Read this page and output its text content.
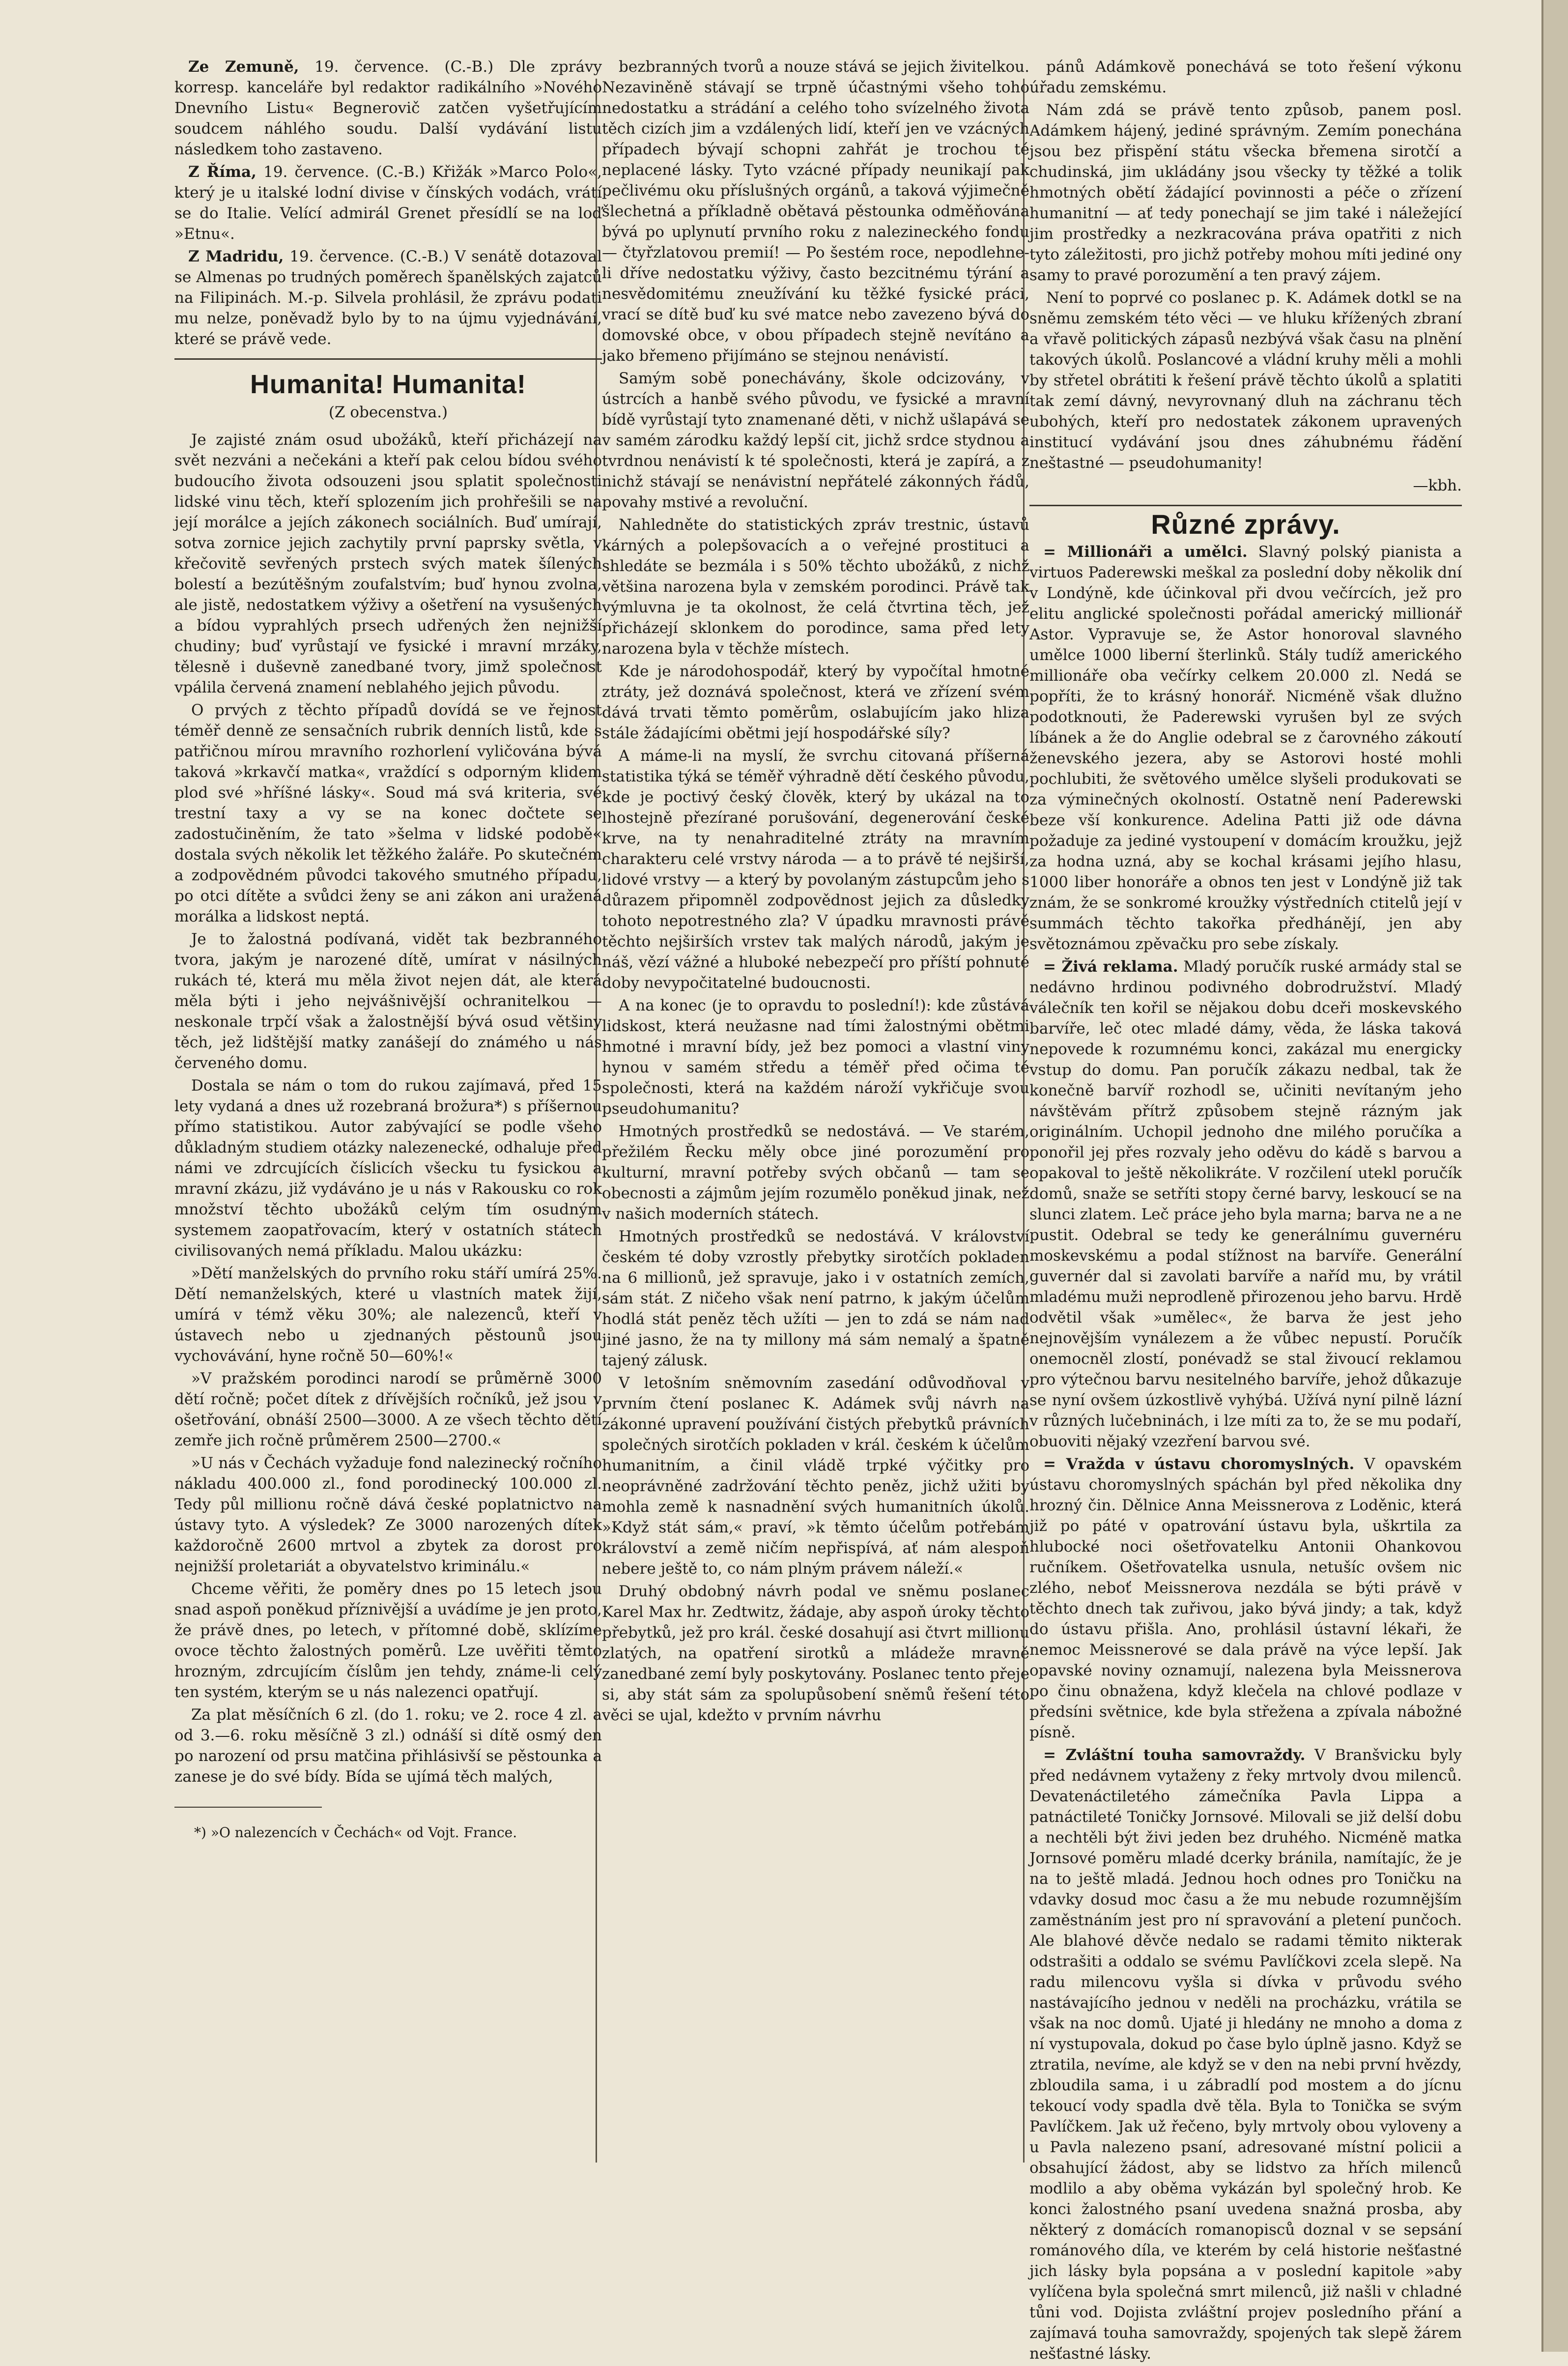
Ze Zemuně, 19. července. (C.-B.) Dle zprávy korresp. kanceláře byl redaktor radikálního »Nového Dnevního Listu« Begnerovič zatčen vyšetřujícím soudcem náhlého soudu. Další vydávání listu následkem toho zastaveno.

Z Říma, 19. července. (C.-B.) Křižák »Marco Polo«, který je u italské lodní divise v čínských vodách, vrátí se do Italie. Velící admirál Grenet přesídlí se na loď »Etnu«.

Z Madridu, 19. července. (C.-B.) V senátě dotazoval se Almenas po trudných poměrech španělských zajatců na Filipinách. M.-p. Silvela prohlásil, že zprávu podati mu nelze, poněvadž bylo by to na újmu vyjednávání, které se právě vede.

Humanita! Humanita!
(Z obecenstva.)

Je zajisté znám osud ubožáků, kteří přicházejí na svět nezváni a nečekáni a kteří pak celou bídou svého budoucího života odsouzeni jsou splatit společnosti lidské vinu těch, kteří splozením jich prohřešili se na její morálce a jejích zákonech sociálních. Buď umírají, sotva zornice jejich zachytily první paprsky světla, v křečovitě sevřených prstech svých matek šílených bolestí a bezútěšným zoufalstvím; buď hynou zvolna, ale jistě, nedostatkem výživy a ošetření na vysušených a bídou vyprahlých prsech udřených žen nejnižší chudiny; buď vyrůstají ve fysické i mravní mrzáky, tělesně i duševně zanedbané tvory, jimž společnost vpálila červená znamení neblahého jejich původu.

O prvých z těchto případů dovídá se ve řejnost téměř denně ze sensačních rubrik denních listů, kde s patřičnou mírou mravního rozhorlení vyličována bývá taková »krkavčí matka«, vraždící s odporným klidem plod své »hříšné lásky«. Soud má svá kriteria, své trestní taxy a vy se na konec dočtete se zadostučiněním, že tato »šelma v lidské podobě« dostala svých několik let těžkého žaláře. Po skutečném a zodpovědném původci takového smutného případu, po otci dítěte a svůdci ženy se ani zákon ani uražená morálka a lidskost neptá.

Je to žalostná podívaná, vidět tak bezbranného tvora, jakým je narozené dítě, umírat v násilných rukách té, která mu měla život nejen dát, ale která měla býti i jeho nejvášnivější ochranitelkou — neskonale trpčí však a žalostnější bývá osud většiny těch, jež lidštější matky zanášejí do známého u nás červeného domu.

Dostala se nám o tom do rukou zajímavá, před 15 lety vydaná a dnes už rozebraná brožura*) s příšernou přímo statistikou. Autor zabývající se podle všeho důkladným studiem otázky nalezenecké, odhaluje před námi ve zdrcujících číslicích všecku tu fysickou a mravní zkázu, již vydáváno je u nás v Rakousku co rok množství těchto ubožáků celým tím osudným systemem zaopatřovacím, který v ostatních státech civilisovaných nemá příkladu. Malou ukázku:

»Dětí manželských do prvního roku stáří umírá 25%. Dětí nemanželských, které u vlastních matek žijí, umírá v témž věku 30%; ale nalezenců, kteří v ústavech nebo u zjednaných pěstounů jsou vychovávání, hyne ročně 50—60%!«

»V pražském porodinci narodí se průměrně 3000 dětí ročně; počet dítek z dřívějších ročníků, jež jsou v ošetřování, obnáší 2500—3000. A ze všech těchto dětí zemře jich ročně průměrem 2500—2700.«

»U nás v Čechách vyžaduje fond nalezinecký ročního nákladu 400.000 zl., fond porodinecký 100.000 zl. Tedy půl millionu ročně dává české poplatnictvo na ústavy tyto. A výsledek? Ze 3000 narozených dítek každoročně 2600 mrtvol a zbytek za dorost pro nejnižší proletariát a obyvatelstvo kriminálu.«

Chceme věřiti, že poměry dnes po 15 letech jsou snad aspoň poněkud příznivější a uvádíme je jen proto, že právě dnes, po letech, v přítomné době, sklízíme ovoce těchto žalostných poměrů. Lze uvěřiti těmto hrozným, zdrcujícím číslům jen tehdy, známe-li celý ten systém, kterým se u nás nalezenci opatřují.

Za plat měsíčních 6 zl. (do 1. roku; ve 2. roce 4 zl. a od 3.—6. roku měsíčně 3 zl.) odnáší si dítě osmý den po narození od prsu matčina přihlásivší se pěstounka a zanese je do své bídy. Bída se ujímá těch malých,

*) »O nalezencích v Čechách« od Vojt. France.

bezbranných tvorů a nouze stává se jejich živitelkou. Nezaviněně stávají se trpně účastnými všeho toho nedostatku a strádání a celého toho svízelného života těch cizích jim a vzdálených lidí, kteří jen ve vzácných případech bývají schopni zahřát je trochou té neplacené lásky. Tyto vzácné případy neunikají pak pečlivému oku příslušných orgánů, a taková výjimečně šlechetná a příkladně obětavá pěstounka odměňována bývá po uplynutí prvního roku z nalezineckého fondu — čtyřzlatovou premií! — Po šestém roce, nepodlehne-li dříve nedostatku výživy, často bezcitnému týrání a nesvědomitému zneužívání ku těžké fysické práci, vrací se dítě buď ku své matce nebo zavezeno bývá do domovské obce, v obou případech stejně nevítáno a jako břemeno přijímáno se stejnou nenávistí.

Samým sobě ponechávány, škole odcizovány, v ústrcích a hanbě svého původu, ve fysické a mravní bídě vyrůstají tyto znamenané děti, v nichž ušlapává se v samém zárodku každý lepší cit, jichž srdce stydnou a tvrdnou nenávistí k té společnosti, která je zapírá, a z nichž stávají se nenávistní nepřátelé zákonných řádů, povahy mstivé a revoluční.

Nahledněte do statistických zpráv trestnic, ústavů kárných a polepšovacích a o veřejné prostituci a shledáte se bezmála i s 50% těchto ubožáků, z nichž většina narozena byla v zemském porodinci. Právě tak výmluvna je ta okolnost, že celá čtvrtina těch, jež přicházejí sklonkem do porodince, sama před lety narozena byla v těchže místech.

Kde je národohospodář, který by vypočítal hmotné ztráty, jež doznává společnost, která ve zřízení svém dává trvati těmto poměrům, oslabujícím jako hliza stále žádajícími obětmi její hospodářské síly?

A máme-li na myslí, že svrchu citovaná příšerná statistika týká se téměř výhradně dětí českého původu, kde je poctivý český člověk, který by ukázal na to lhostejně přezírané porušování, degenerování české krve, na ty nenahraditelné ztráty na mravním charakteru celé vrstvy národa — a to právě té nejširší, lidové vrstvy — a který by povolaným zástupcům jeho s důrazem připomněl zodpovědnost jejich za důsledky tohoto nepotrestného zla? V úpadku mravnosti právě těchto nejširších vrstev tak malých národů, jakým je náš, vězí vážné a hluboké nebezpečí pro příští pohnuté doby nevypočitatelné budoucnosti.

A na konec (je to opravdu to poslední!): kde zůstává lidskost, která neužasne nad tími žalostnými obětmi hmotné i mravní bídy, jež bez pomoci a vlastní viny hynou v samém středu a téměř před očima té společnosti, která na každém nároží vykřičuje svou pseudohumanitu?

Hmotných prostředků se nedostává. — Ve starém, přežilém Řecku měly obce jiné porozumění pro kulturní, mravní potřeby svých občanů — tam se obecnosti a zájmům jejím rozumělo poněkud jinak, než v našich moderních státech.

Hmotných prostředků se nedostává. V království českém té doby vzrostly přebytky sirotčích pokladen na 6 millionů, jež spravuje, jako i v ostatních zemích, sám stát. Z ničeho však není patrno, k jakým účelům hodlá stát peněz těch užíti — jen to zdá se nám nad jiné jasno, že na ty millony má sám nemalý a špatně tajený zálusk.

V letošním sněmovním zasedání odůvodňoval v prvním čtení poslanec K. Adámek svůj návrh na zákonné upravení používání čistých přebytků právních společných sirotčích pokladen v král. českém k účelům humanitním, a činil vládě trpké výčitky pro neoprávněné zadržování těchto peněz, jichž užiti by mohla země k nasnadnění svých humanitních úkolů. »Když stát sám,« praví, »k těmto účelům potřebám království a země ničím nepřispívá, ať nám alespoň nebere ještě to, co nám plným právem náleží.«

Druhý obdobný návrh podal ve sněmu poslanec Karel Max hr. Zedtwitz, žádaje, aby aspoň úroky těchto přebytků, jež pro král. české dosahují asi čtvrt millionu zlatých, na opatření sirotků a mládeže mravně zanedbané zemí byly poskytovány. Poslanec tento přeje si, aby stát sám za spolupůsobení sněmů řešení této věci se ujal, kdežto v prvním návrhu

pánů Adámkově ponechává se toto řešení výkonu úřadu zemskému.

Nám zdá se právě tento způsob, panem posl. Adámkem hájený, jediné správným. Zemím ponechána jsou bez přispění státu všecka břemena sirotčí a chudinská, jim ukládány jsou všecky ty těžké a tolik hmotných obětí žádající povinnosti a péče o zřízení humanitní — ať tedy ponechají se jim také i náležející jim prostředky a nezkracována práva opatřiti z nich tyto záležitosti, pro jichž potřeby mohou míti jediné ony samy to pravé porozumění a ten pravý zájem.

Není to poprvé co poslanec p. K. Adámek dotkl se na sněmu zemském této věci — ve hluku křížených zbraní a vřavě politických zápasů nezbývá však času na plnění takových úkolů. Poslancové a vládní kruhy měli a mohli by střetel obrátiti k řešení právě těchto úkolů a splatiti tak zemí dávný, nevyrovnaný dluh na záchranu těch ubohých, kteří pro nedostatek zákonem upravených institucí vydávání jsou dnes záhubnému řádění neštastné — pseudohumanity!

—kbh.
Různé zprávy.

= Millionáři a umělci. Slavný polský pianista a virtuos Paderewski meškal za poslední doby několik dní v Londýně, kde účinkoval při dvou večírcích, jež pro elitu anglické společnosti pořádal americký millionář Astor. Vypravuje se, že Astor honoroval slavného umělce 1000 liberní šterlinků. Stály tudíž amerického millionáře oba večírky celkem 20.000 zl. Nedá se popříti, že to krásný honorář. Nicméně však dlužno podotknouti, že Paderewski vyrušen byl ze svých líbánek a že do Anglie odebral se z čarovného zákoutí ženevského jezera, aby se Astorovi hosté mohli pochlubiti, že světového umělce slyšeli produkovati se za výminečných okolností. Ostatně není Paderewski beze vší konkurence. Adelina Patti již ode dávna požaduje za jediné vystoupení v domácím kroužku, jejž za hodna uzná, aby se kochal krásami jejího hlasu, 1000 liber honoráře a obnos ten jest v Londýně již tak znám, že se sonkromé kroužky výstředních ctitelů její v summách těchto takořka předhánějí, jen aby světoznámou zpěvačku pro sebe získaly.

= Živá reklama. Mladý poručík ruské armády stal se nedávno hrdinou podivného dobrodružství. Mladý válečník ten kořil se nějakou dobu dceři moskevského barvíře, leč otec mladé dámy, věda, že láska taková nepovede k rozumnému konci, zakázal mu energicky vstup do domu. Pan poručík zákazu nedbal, tak že konečně barvíř rozhodl se, učiniti nevítaným jeho návštěvám přítrž způsobem stejně rázným jak originálním. Uchopil jednoho dne milého poručíka a ponořil jej přes rozvaly jeho oděvu do kádě s barvou a opakoval to ještě několikráte. V rozčilení utekl poručík domů, snaže se setříti stopy černé barvy, leskoucí se na slunci zlatem. Leč práce jeho byla marna; barva ne a ne pustit. Odebral se tedy ke generálnímu guvernéru moskevskému a podal stížnost na barvíře. Generální guvernér dal si zavolati barvíře a naříd mu, by vrátil mladému muži neprodleně přirozenou jeho barvu. Hrdě odvětil však »umělec«, že barva že jest jeho nejnovějším vynálezem a že vůbec nepustí. Poručík onemocněl zlostí, ponévadž se stal živoucí reklamou pro výtečnou barvu nesitelného barvíře, jehož důkazuje se nyní ovšem úzkostlivě vyhýbá. Užívá nyní pilně lázní v různých lučebninách, i lze míti za to, že se mu podaří, obuoviti nějaký vzezření barvou své.

= Vražda v ústavu choromyslných. V opavském ústavu choromyslných spáchán byl před několika dny hrozný čin. Dělnice Anna Meissnerova z Loděnic, která již po páté v opatrování ústavu byla, uškrtila za hlubocké noci ošetřovatelku Antonii Ohankovou ručníkem. Ošetřovatelka usnula, netušíc ovšem nic zlého, neboť Meissnerova nezdála se býti právě v těchto dnech tak zuřivou, jako bývá jindy; a tak, když do ústavu přišla. Ano, prohlásil ústavní lékaři, že nemoc Meissnerové se dala právě na výce lepší. Jak opavské noviny oznamují, nalezena byla Meissnerova po činu obnažena, když klečela na chlové podlaze v předsíni světnice, kde byla střežena a zpívala nábožné písně.

= Zvláštní touha samovraždy. V Branšvicku byly před nedávnem vytaženy z řeky mrtvoly dvou milenců. Devatenáctiletého zámečníka Pavla Lippa a patnáctileté Toničky Jornsové. Milovali se již delší dobu a nechtěli být živi jeden bez druhého. Nicméně matka Jornsové poměru mladé dcerky bránila, namítajíc, že je na to ještě mladá. Jednou hoch odnes pro Toničku na vdavky dosud moc času a že mu nebude rozumnějším zaměstnáním jest pro ní spravování a pletení punčoch. Ale blahové děvče nedalo se radami těmito nikterak odstrašiti a oddalo se svému Pavlíčkovi zcela slepě. Na radu milencovu vyšla si dívka v průvodu svého nastávajícího jednou v neděli na procházku, vrátila se však na noc domů. Ujaté ji hledány ne mnoho a doma z ní vystupovala, dokud po čase bylo úplně jasno. Když se ztratila, nevíme, ale když se v den na nebi první hvězdy, zbloudila sama, i u zábradlí pod mostem a do jícnu tekoucí vody spadla dvě těla. Byla to Tonička se svým Pavlíčkem. Jak už řečeno, byly mrtvoly obou vyloveny a u Pavla nalezeno psaní, adresované místní policii a obsahující žádost, aby se lidstvo za hřích milenců modlilo a aby oběma vykázán byl společný hrob. Ke konci žalostného psaní uvedena snažná prosba, aby některý z domácích romanopisců doznal v se sepsání románového díla, ve kterém by celá historie nešťastné jich lásky byla popsána a v poslední kapitole »aby vylíčena byla společná smrt milenců, již našli v chladné tůni vod. Dojista zvláštní projev posledního přání a zajímavá touha samovraždy, spojených tak slepě žárem nešťastné lásky.
